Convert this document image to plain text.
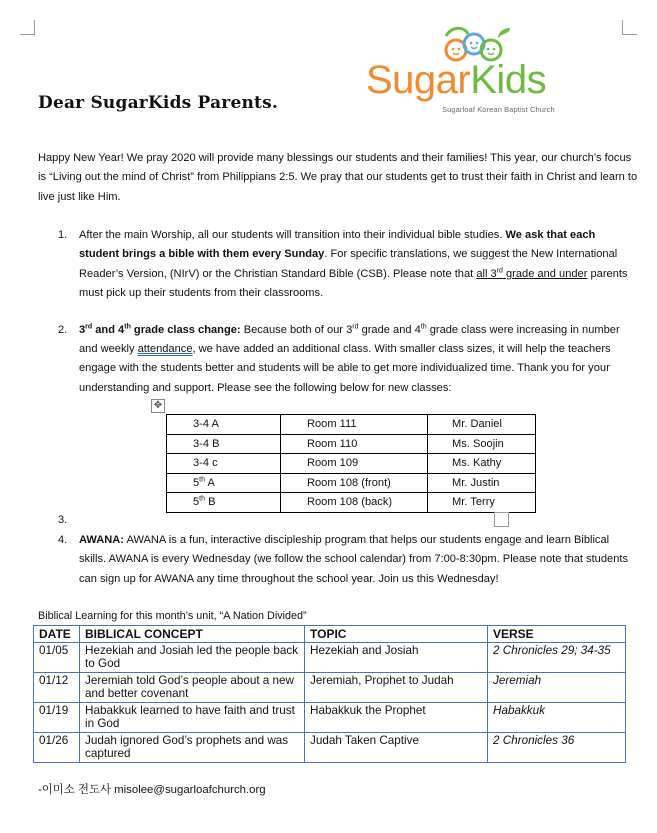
Dear SugarKids Parents.
SugarKids
Sugarloaf Korean Baptist Church
Happy New Year! We pray 2020 will provide many blessings our students and their families! This year, our church’s focus is “Living out the mind of Christ” from Philippians 2:5. We pray that our students get to trust their faith in Christ and learn to live just like Him.
1. After the main Worship, all our students will transition into their individual bible studies. We ask that each student brings a bible with them every Sunday. For specific translations, we suggest the New International Reader’s Version, (NIrV) or the Christian Standard Bible (CSB). Please note that all 3rd grade and under parents must pick up their students from their classrooms.
2. 3rd and 4th grade class change: Because both of our 3rd grade and 4th grade class were increasing in number and weekly attendance, we have added an additional class. With smaller class sizes, it will help the teachers engage with the students better and students will be able to get more individualized time. Thank you for your understanding and support. Please see the following below for new classes:
✥
3-4 A	Room 111	Mr. Daniel
3-4 B	Room 110	Ms. Soojin
3-4 c	Room 109	Ms. Kathy
5th A	Room 108 (front)	Mr. Justin
5th B	Room 108 (back)	Mr. Terry
3.
4. AWANA: AWANA is a fun, interactive discipleship program that helps our students engage and learn Biblical skills. AWANA is every Wednesday (we follow the school calendar) from 7:00-8:30pm. Please note that students can sign up for AWANA any time throughout the school year. Join us this Wednesday!
Biblical Learning for this month’s unit, “A Nation Divided”
DATE	BIBLICAL CONCEPT	TOPIC	VERSE
01/05	Hezekiah and Josiah led the people back to God	Hezekiah and Josiah	2 Chronicles 29; 34-35
01/12	Jeremiah told God’s people about a new and better covenant	Jeremiah, Prophet to Judah	Jeremiah
01/19	Habakkuk learned to have faith and trust in God	Habakkuk the Prophet	Habakkuk
01/26	Judah ignored God’s prophets and was captured	Judah Taken Captive	2 Chronicles 36
-이미소 전도사 misolee@sugarloafchurch.org
